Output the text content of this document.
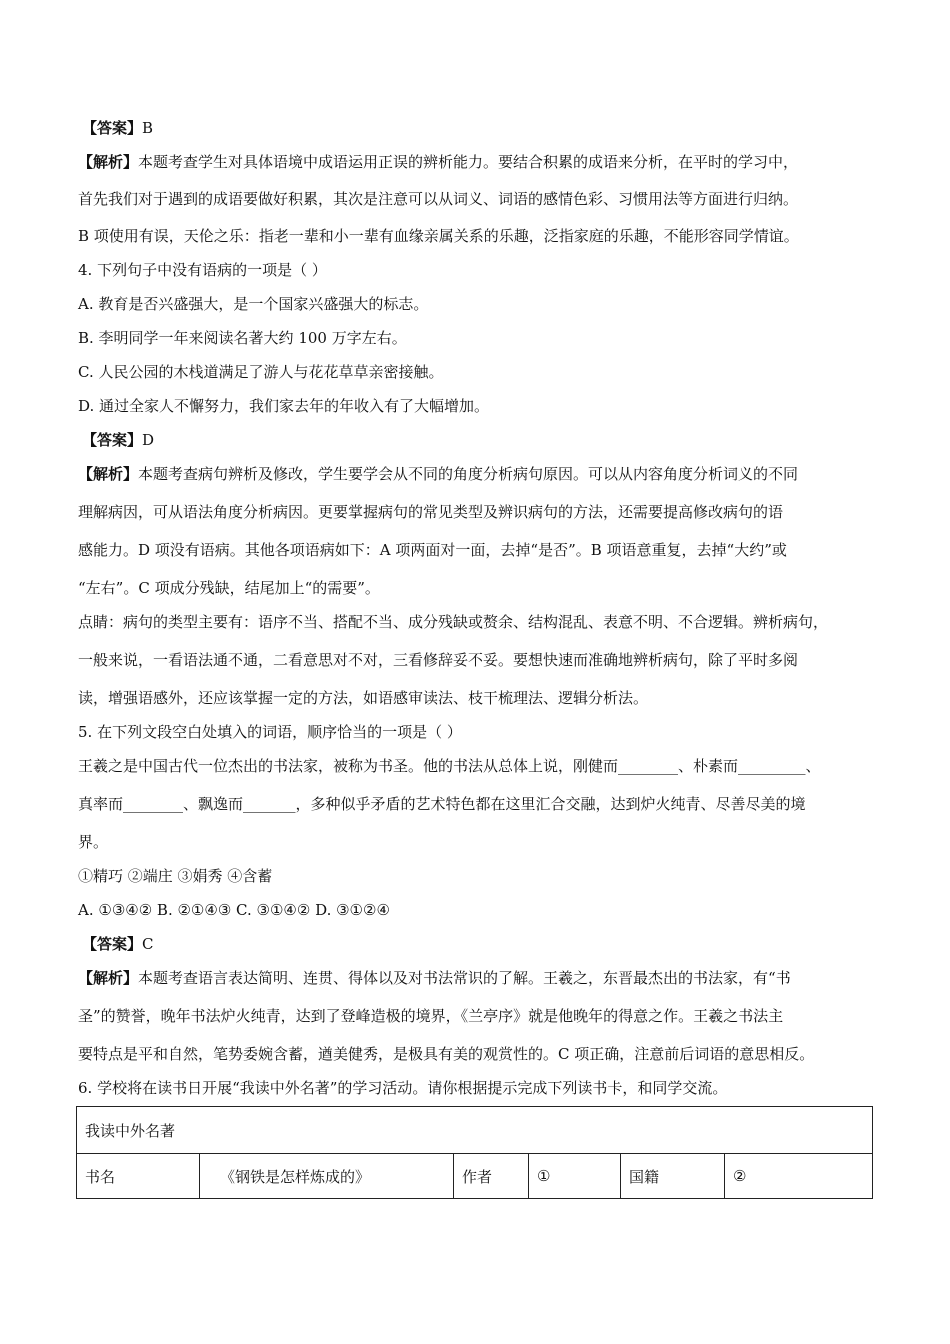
【答案】B
【解析】本题考查学生对具体语境中成语运用正误的辨析能力。要结合积累的成语来分析，在平时的学习中，
首先我们对于遇到的成语要做好积累，其次是注意可以从词义、词语的感情色彩、习惯用法等方面进行归纳。
B 项使用有误，天伦之乐：指老一辈和小一辈有血缘亲属关系的乐趣，泛指家庭的乐趣，不能形容同学情谊。
4. 下列句子中没有语病的一项是（ ）
A. 教育是否兴盛强大，是一个国家兴盛强大的标志。
B. 李明同学一年来阅读名著大约 100 万字左右。
C. 人民公园的木栈道满足了游人与花花草草亲密接触。
D. 通过全家人不懈努力，我们家去年的年收入有了大幅增加。
【答案】D
【解析】本题考查病句辨析及修改，学生要学会从不同的角度分析病句原因。可以从内容角度分析词义的不同
理解病因，可从语法角度分析病因。更要掌握病句的常见类型及辨识病句的方法，还需要提高修改病句的语
感能力。D 项没有语病。其他各项语病如下：A 项两面对一面，去掉“是否”。B 项语意重复，去掉“大约”或
“左右”。C 项成分残缺，结尾加上“的需要”。
点睛：病句的类型主要有：语序不当、搭配不当、成分残缺或赘余、结构混乱、表意不明、不合逻辑。辨析病句，
一般来说，一看语法通不通，二看意思对不对，三看修辞妥不妥。要想快速而准确地辨析病句，除了平时多阅
读，增强语感外，还应该掌握一定的方法，如语感审读法、枝干梳理法、逻辑分析法。
5. 在下列文段空白处填入的词语，顺序恰当的一项是（ ）
王羲之是中国古代一位杰出的书法家，被称为书圣。他的书法从总体上说，刚健而________、朴素而_________、
真率而________、飘逸而_______，多种似乎矛盾的艺术特色都在这里汇合交融，达到炉火纯青、尽善尽美的境
界。
①精巧 ②端庄 ③娟秀 ④含蓄
A. ①③④② B. ②①④③ C. ③①④② D. ③①②④
【答案】C
【解析】本题考查语言表达简明、连贯、得体以及对书法常识的了解。王羲之，东晋最杰出的书法家，有“书
圣”的赞誉，晚年书法炉火纯青，达到了登峰造极的境界，《兰亭序》就是他晚年的得意之作。王羲之书法主
要特点是平和自然，笔势委婉含蓄，遒美健秀，是极具有美的观赏性的。C 项正确，注意前后词语的意思相反。
6. 学校将在读书日开展“我读中外名著”的学习活动。请你根据提示完成下列读书卡，和同学交流。
我读中外名著
书名	《钢铁是怎样炼成的》	作者	①	国籍	②
